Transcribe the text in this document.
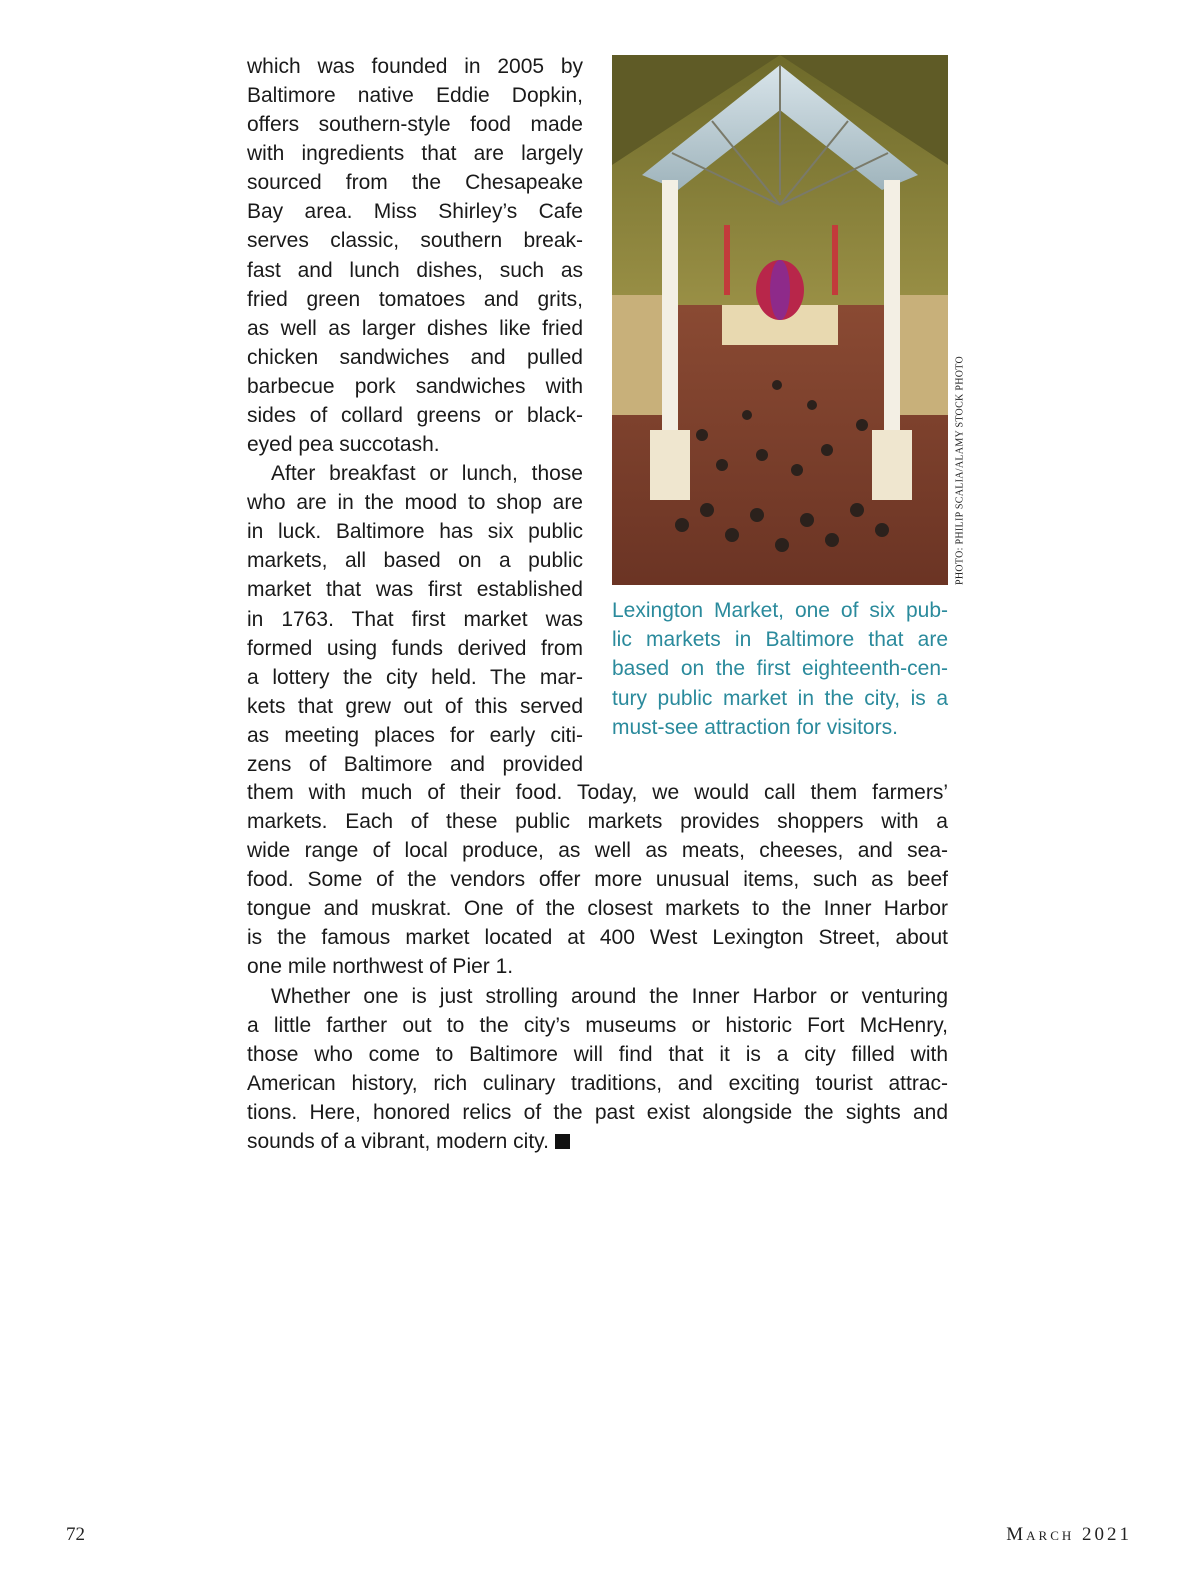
which was founded in 2005 by
Baltimore native Eddie Dopkin,
offers southern-style food made
with ingredients that are largely
sourced from the Chesapeake
Bay area. Miss Shirley’s Cafe
serves classic, southern break-
fast and lunch dishes, such as
fried green tomatoes and grits,
as well as larger dishes like fried
chicken sandwiches and pulled
barbecue pork sandwiches with
sides of collard greens or black-
eyed pea succotash.
After breakfast or lunch, those
who are in the mood to shop are
in luck. Baltimore has six public
markets, all based on a public
market that was first established
in 1763. That first market was
formed using funds derived from
a lottery the city held. The mar-
kets that grew out of this served
as meeting places for early citi-
zens of Baltimore and provided
PHOTO: PHILIP SCALIA/ALAMY STOCK PHOTO
Lexington Market, one of six pub-
lic markets in Baltimore that are
based on the first eighteenth-cen-
tury public market in the city, is a
must-see attraction for visitors.
them with much of their food. Today, we would call them farmers’
markets. Each of these public markets provides shoppers with a
wide range of local produce, as well as meats, cheeses, and sea-
food. Some of the vendors offer more unusual items, such as beef
tongue and muskrat. One of the closest markets to the Inner Harbor
is the famous market located at 400 West Lexington Street, about
one mile northwest of Pier 1.
Whether one is just strolling around the Inner Harbor or venturing
a little farther out to the city’s museums or historic Fort McHenry,
those who come to Baltimore will find that it is a city filled with
American history, rich culinary traditions, and exciting tourist attrac-
tions. Here, honored relics of the past exist alongside the sights and
sounds of a vibrant, modern city.
72	March 2021
